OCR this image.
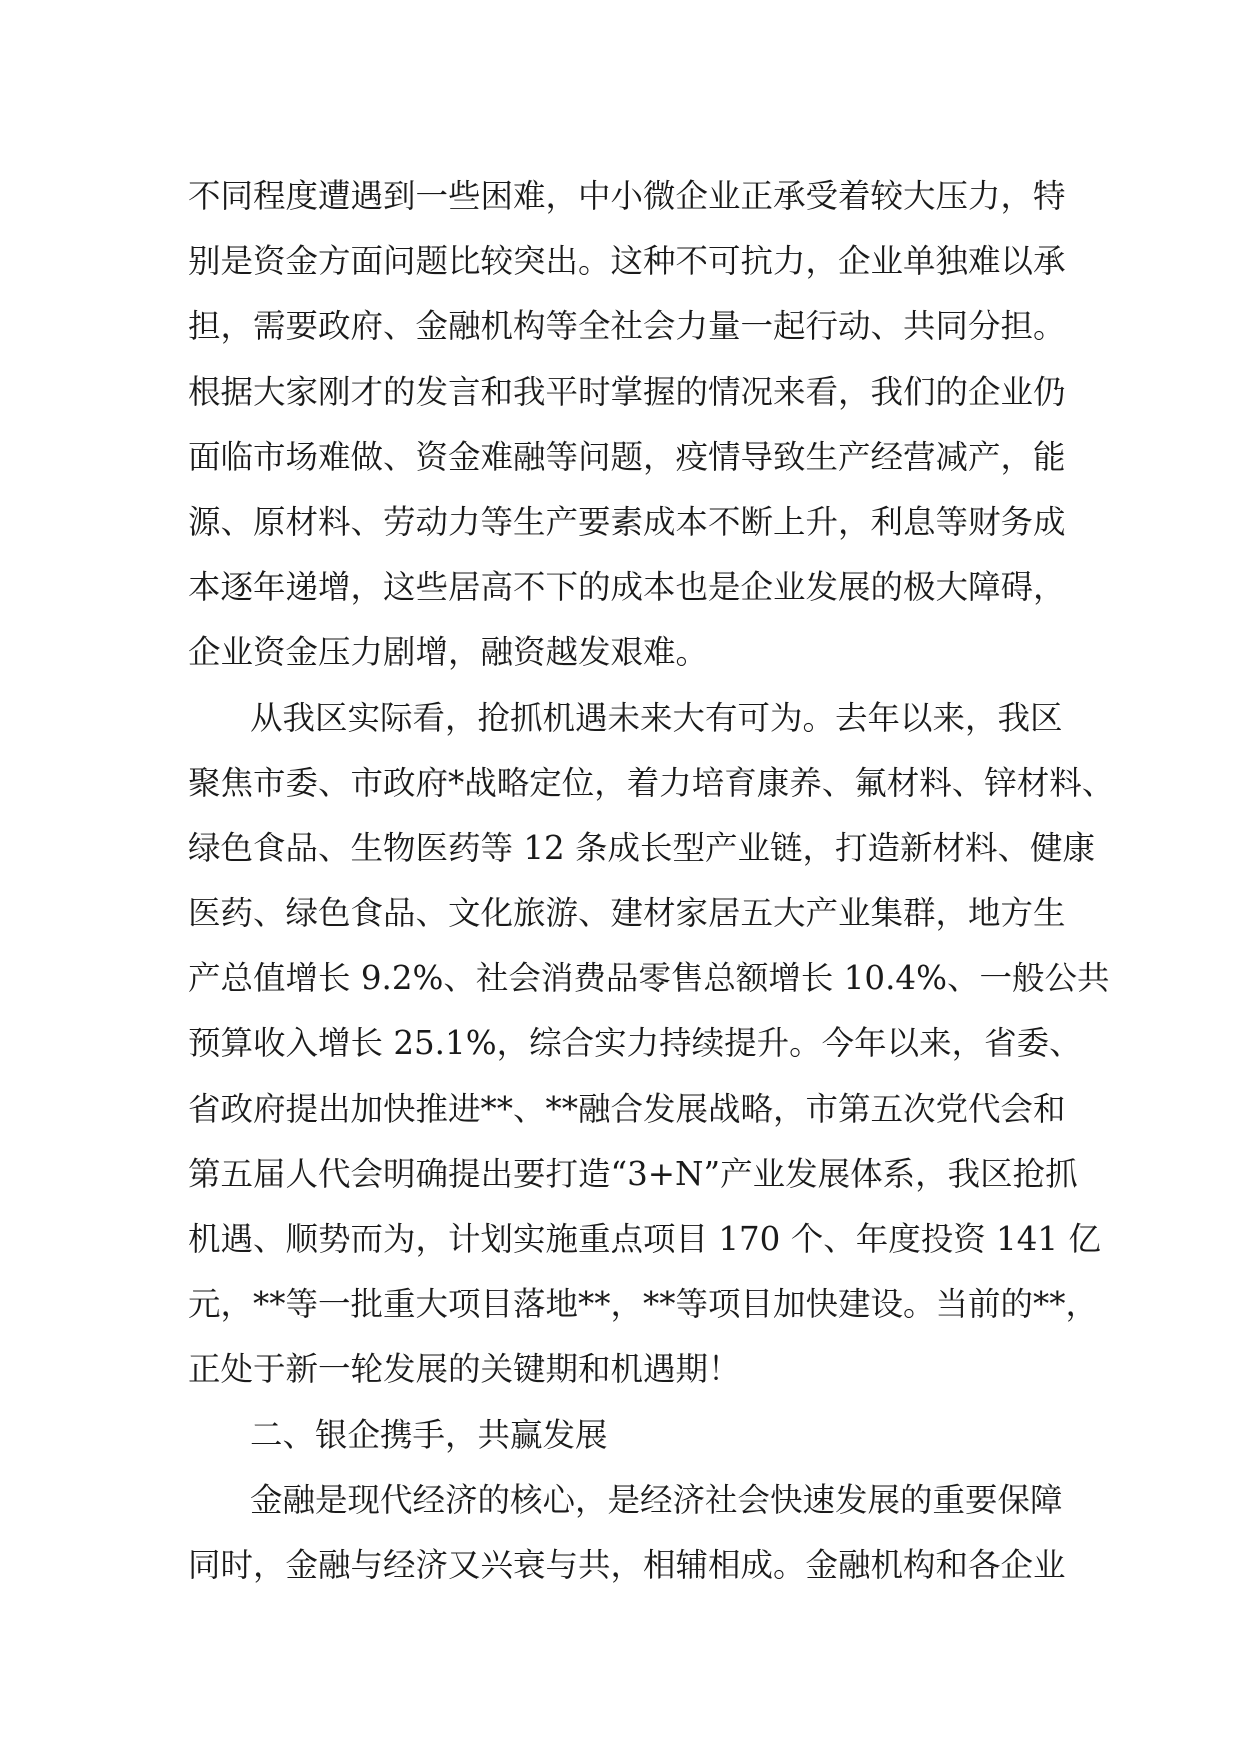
不同程度遭遇到一些困难，中小微企业正承受着较大压力，特
别是资金方面问题比较突出。这种不可抗力，企业单独难以承
担，需要政府、金融机构等全社会力量一起行动、共同分担。
根据大家刚才的发言和我平时掌握的情况来看，我们的企业仍
面临市场难做、资金难融等问题，疫情导致生产经营减产，能
源、原材料、劳动力等生产要素成本不断上升，利息等财务成
本逐年递增，这些居高不下的成本也是企业发展的极大障碍，
企业资金压力剧增，融资越发艰难。
从我区实际看，抢抓机遇未来大有可为。去年以来，我区
聚焦市委、市政府*战略定位，着力培育康养、氟材料、锌材料、
绿色食品、生物医药等 12 条成长型产业链，打造新材料、健康
医药、绿色食品、文化旅游、建材家居五大产业集群，地方生
产总值增长 9.2%、社会消费品零售总额增长 10.4%、一般公共
预算收入增长 25.1%，综合实力持续提升。今年以来，省委、
省政府提出加快推进**、**融合发展战略，市第五次党代会和
第五届人代会明确提出要打造“3+N”产业发展体系，我区抢抓
机遇、顺势而为，计划实施重点项目 170 个、年度投资 141 亿
元，**等一批重大项目落地**，**等项目加快建设。当前的**，
正处于新一轮发展的关键期和机遇期！
二、银企携手，共赢发展
金融是现代经济的核心，是经济社会快速发展的重要保障
同时，金融与经济又兴衰与共，相辅相成。金融机构和各企业
